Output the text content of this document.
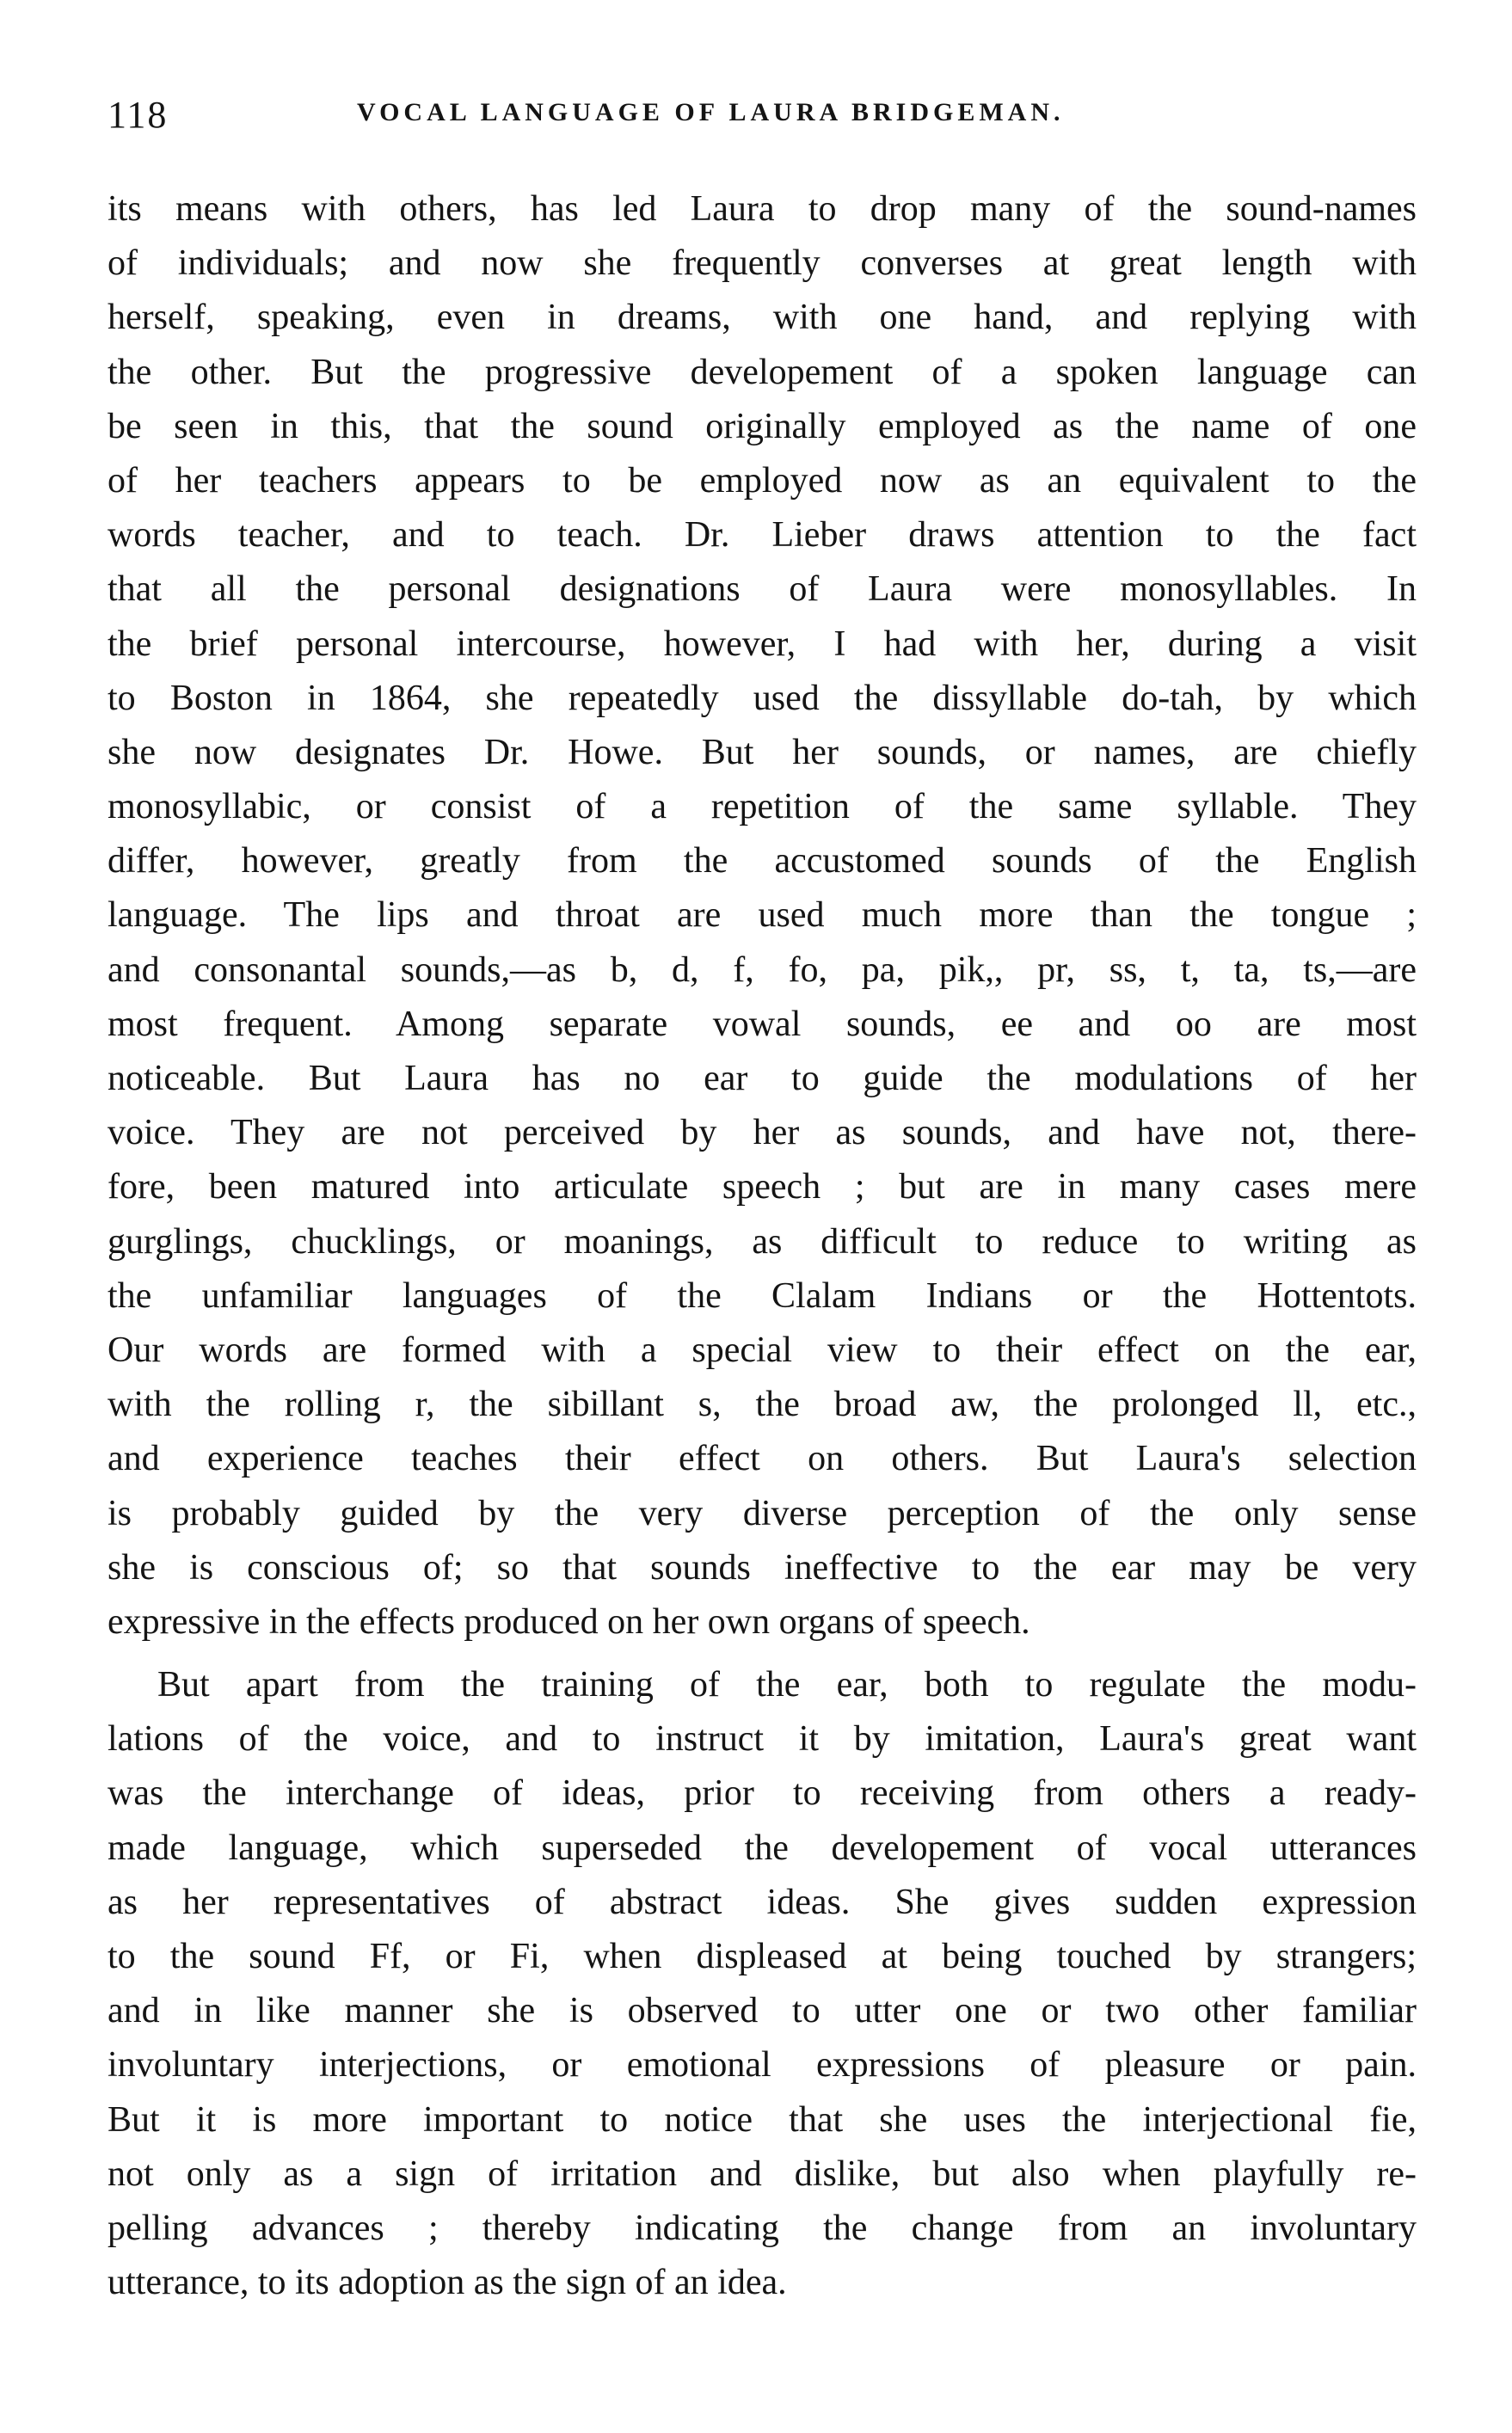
118	VOCAL LANGUAGE OF LAURA BRIDGEMAN.
its means with others, has led Laura to drop many of the sound-names
of individuals; and now she frequently converses at great length with
herself, speaking, even in dreams, with one hand, and replying with
the other. But the progressive developement of a spoken language can
be seen in this, that the sound originally employed as the name of one
of her teachers appears to be employed now as an equivalent to the
words teacher, and to teach. Dr. Lieber draws attention to the fact
that all the personal designations of Laura were monosyllables. In
the brief personal intercourse, however, I had with her, during a visit
to Boston in 1864, she repeatedly used the dissyllable do-tah, by which
she now designates Dr. Howe. But her sounds, or names, are chiefly
monosyllabic, or consist of a repetition of the same syllable. They
differ, however, greatly from the accustomed sounds of the English
language. The lips and throat are used much more than the tongue ;
and consonantal sounds,—as b, d, f, fo, pa, pik,, pr, ss, t, ta, ts,—are
most frequent. Among separate vowal sounds, ee and oo are most
noticeable. But Laura has no ear to guide the modulations of her
voice. They are not perceived by her as sounds, and have not, there-
fore, been matured into articulate speech ; but are in many cases mere
gurglings, chucklings, or moanings, as difficult to reduce to writing as
the unfamiliar languages of the Clalam Indians or the Hottentots.
Our words are formed with a special view to their effect on the ear,
with the rolling r, the sibillant s, the broad aw, the prolonged ll, etc.,
and experience teaches their effect on others. But Laura's selection
is probably guided by the very diverse perception of the only sense
she is conscious of; so that sounds ineffective to the ear may be very
expressive in the effects produced on her own organs of speech.
But apart from the training of the ear, both to regulate the modu-
lations of the voice, and to instruct it by imitation, Laura's great want
was the interchange of ideas, prior to receiving from others a ready-
made language, which superseded the developement of vocal utterances
as her representatives of abstract ideas. She gives sudden expression
to the sound Ff, or Fi, when displeased at being touched by strangers;
and in like manner she is observed to utter one or two other familiar
involuntary interjections, or emotional expressions of pleasure or pain.
But it is more important to notice that she uses the interjectional fie,
not only as a sign of irritation and dislike, but also when playfully re-
pelling advances ; thereby indicating the change from an involuntary
utterance, to its adoption as the sign of an idea.
